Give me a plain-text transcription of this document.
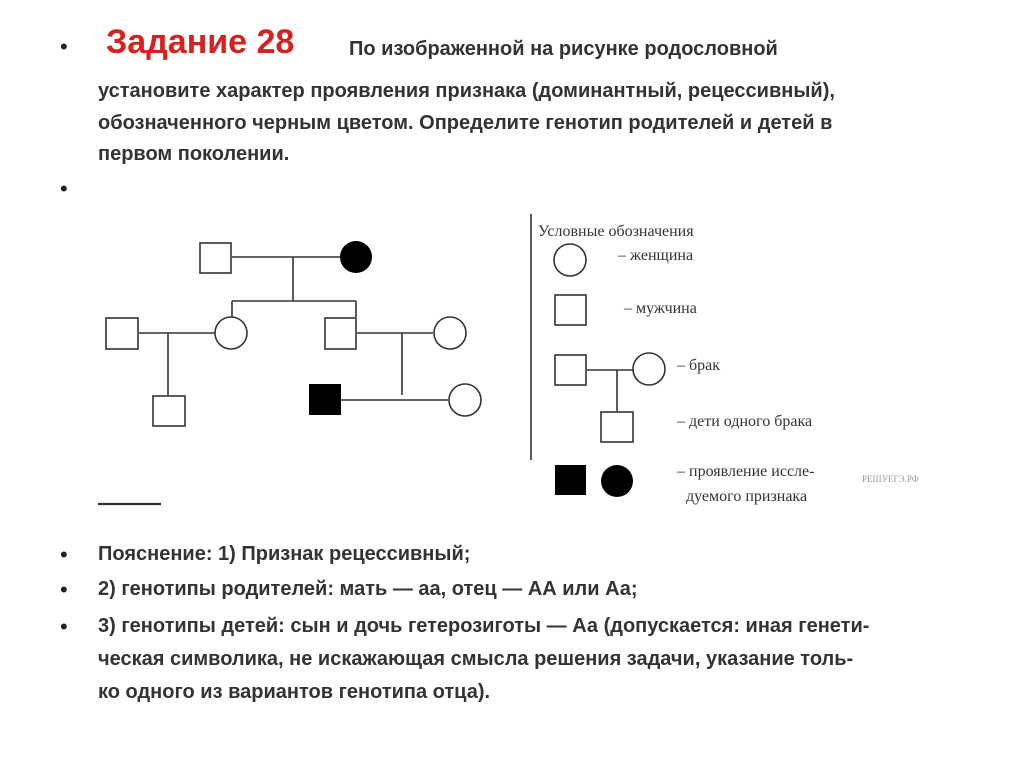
•
•
•
•
•
Задание 28	По изображенной на рисунке родословной
установите характер проявления признака (доминантный, рецессивный),
обозначенного черным цветом. Определите генотип родителей и детей в
первом поколении.
Условные обозначения
– женщина
– мужчина
– брак
– дети одного брака
– проявление иссле-
дуемого признака
РЕШУЕГЭ.РФ
Пояснение: 1) Признак рецессивный;
2) генотипы родителей: мать — аа, отец — АА или Аа;
3) генотипы детей: сын и дочь гетерозиготы — Аа (допускается: иная генети-
ческая символика, не искажающая смысла решения задачи, указание толь-
ко одного из вариантов генотипа отца).
